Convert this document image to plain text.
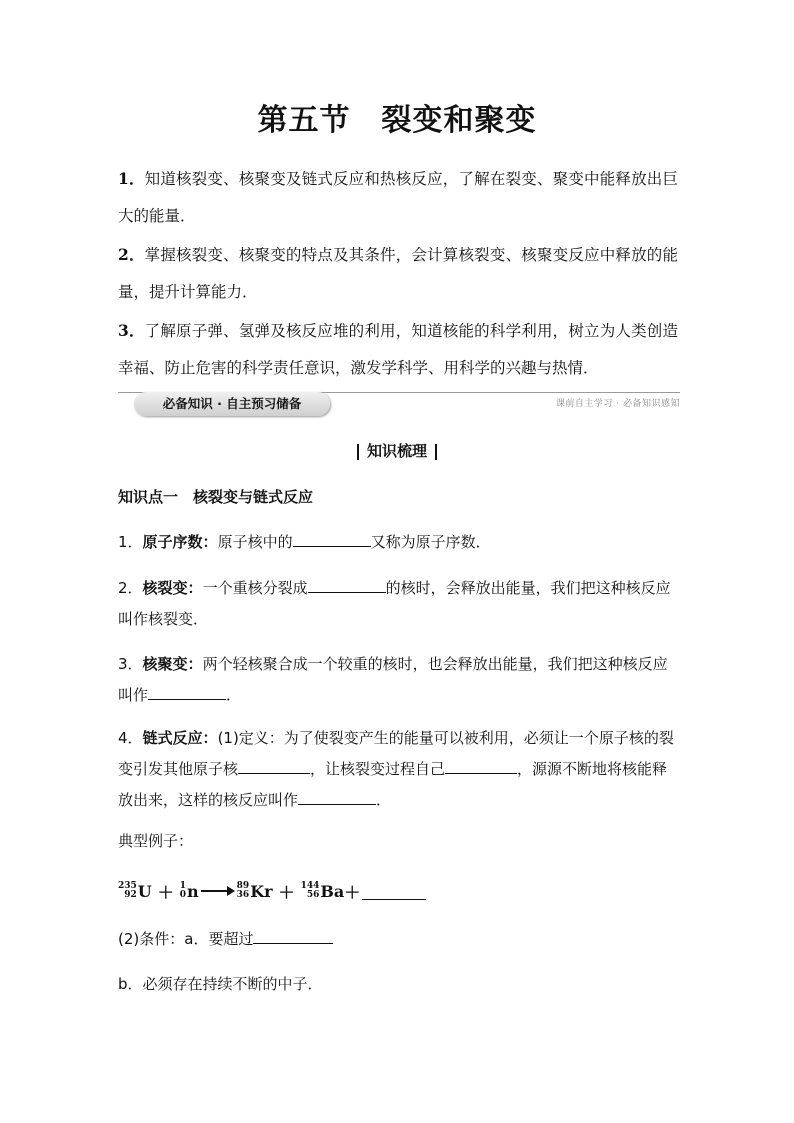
第五节　裂变和聚变
1．知道核裂变、核聚变及链式反应和热核反应，了解在裂变、聚变中能释放出巨大的能量．
2．掌握核裂变、核聚变的特点及其条件，会计算核裂变、核聚变反应中释放的能量，提升计算能力．
3．了解原子弹、氢弹及核反应堆的利用，知道核能的科学利用，树立为人类创造幸福、防止危害的科学责任意识，激发学科学、用科学的兴趣与热情．
必备知识 · 自主预习储备	课前自主学习 · 必备知识感知
知识梳理
知识点一　核裂变与链式反应
1．原子序数：原子核中的	又称为原子序数．
2．核裂变：一个重核分裂成	的核时，会释放出能量，我们把这种核反应叫作核裂变．
3．核聚变：两个轻核聚合成一个较重的核时，也会释放出能量，我们把这种核反应叫作	．
4．链式反应：(1)定义：为了使裂变产生的能量可以被利用，必须让一个原子核的裂变引发其他原子核	，让核裂变过程自己	，源源不断地将核能释放出来，这样的核反应叫作	．
典型例子：
235
92 U ＋ 1
0 n	89
36 Kr ＋ 144
56 Ba ＋
(2)条件：a．要超过
b．必须存在持续不断的中子．
